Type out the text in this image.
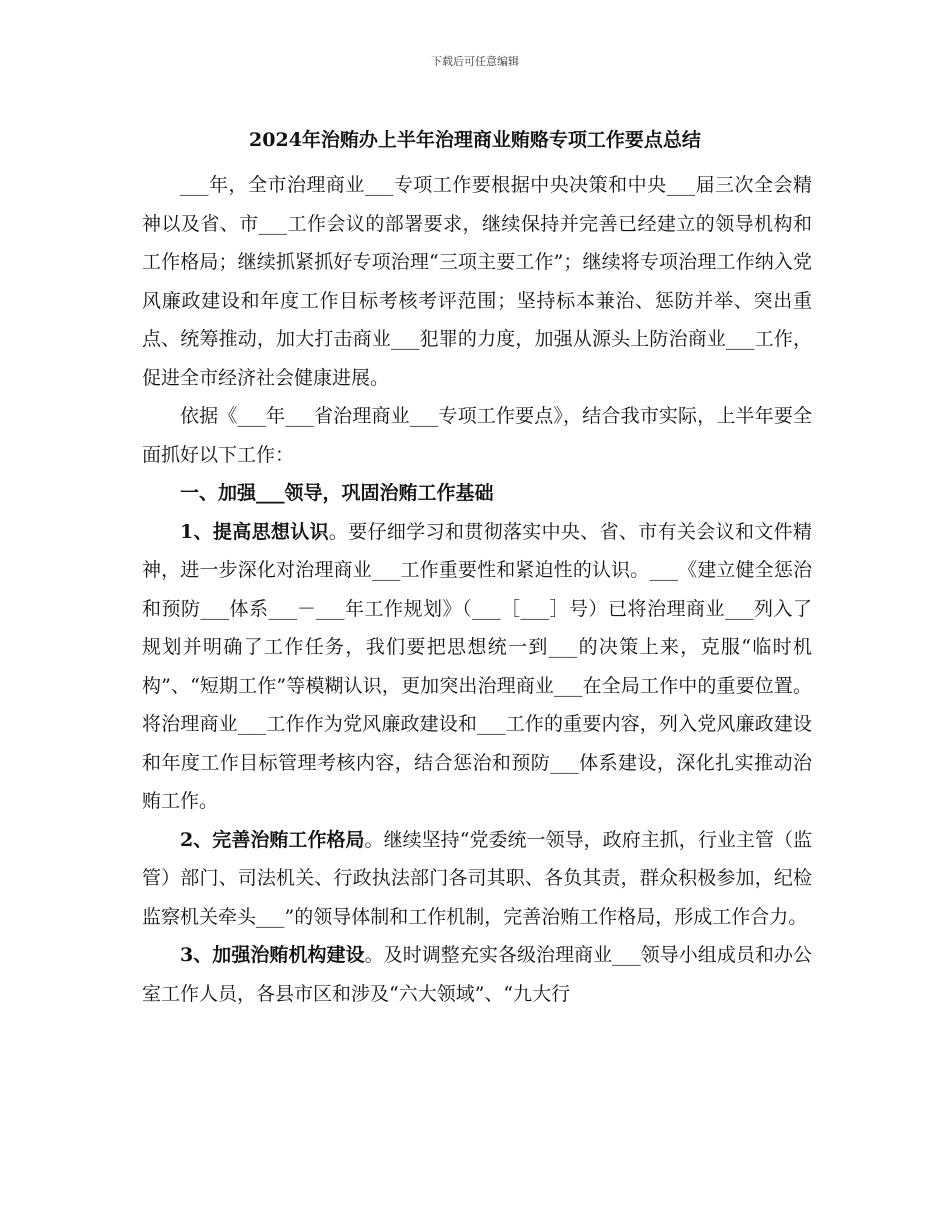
下载后可任意编辑
2024年治贿办上半年治理商业贿赂专项工作要点总结

___年，全市治理商业___专项工作要根据中央决策和中央___届三次全会精神以及省、市___工作会议的部署要求，继续保持并完善已经建立的领导机构和工作格局；继续抓紧抓好专项治理“三项主要工作”；继续将专项治理工作纳入党风廉政建设和年度工作目标考核考评范围；坚持标本兼治、惩防并举、突出重点、统筹推动，加大打击商业___犯罪的力度，加强从源头上防治商业___工作，促进全市经济社会健康进展。

依据《___年___省治理商业___专项工作要点》，结合我市实际，上半年要全面抓好以下工作：

一、加强___领导，巩固治贿工作基础

1、提高思想认识。要仔细学习和贯彻落实中央、省、市有关会议和文件精神，进一步深化对治理商业___工作重要性和紧迫性的认识。___《建立健全惩治和预防___体系___－___年工作规划》（___［___］号）已将治理商业___列入了规划并明确了工作任务，我们要把思想统一到___的决策上来，克服“临时机构”、“短期工作”等模糊认识，更加突出治理商业___在全局工作中的重要位置。将治理商业___工作作为党风廉政建设和___工作的重要内容，列入党风廉政建设和年度工作目标管理考核内容，结合惩治和预防___体系建设，深化扎实推动治贿工作。

2、完善治贿工作格局。继续坚持“党委统一领导，政府主抓，行业主管（监管）部门、司法机关、行政执法部门各司其职、各负其责，群众积极参加，纪检监察机关牵头___”的领导体制和工作机制，完善治贿工作格局，形成工作合力。

3、加强治贿机构建设。及时调整充实各级治理商业___领导小组成员和办公室工作人员，各县市区和涉及“六大领域”、“九大行
